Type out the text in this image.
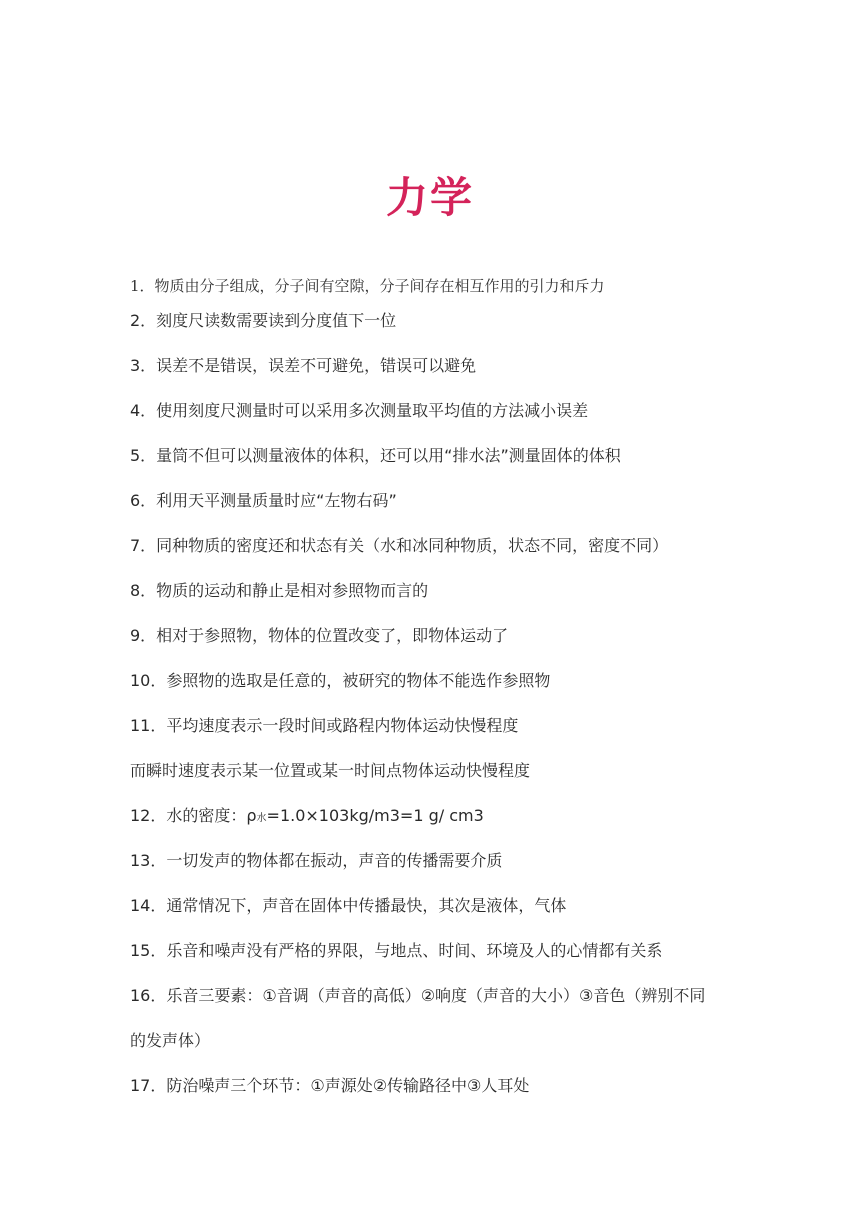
力学
1．物质由分子组成，分子间有空隙，分子间存在相互作用的引力和斥力
2．刻度尺读数需要读到分度值下一位
3．误差不是错误，误差不可避免，错误可以避免
4．使用刻度尺测量时可以采用多次测量取平均值的方法减小误差
5．量筒不但可以测量液体的体积，还可以用“排水法”测量固体的体积
6．利用天平测量质量时应“左物右码”
7．同种物质的密度还和状态有关（水和冰同种物质，状态不同，密度不同）
8．物质的运动和静止是相对参照物而言的
9．相对于参照物，物体的位置改变了，即物体运动了
10．参照物的选取是任意的，被研究的物体不能选作参照物
11．平均速度表示一段时间或路程内物体运动快慢程度
而瞬时速度表示某一位置或某一时间点物体运动快慢程度
12．水的密度：ρ水=1.0×103kg/m3=1 g/ cm3
13．一切发声的物体都在振动，声音的传播需要介质
14．通常情况下，声音在固体中传播最快，其次是液体，气体
15．乐音和噪声没有严格的界限，与地点、时间、环境及人的心情都有关系
16．乐音三要素：①音调（声音的高低）②响度（声音的大小）③音色（辨别不同
的发声体）
17．防治噪声三个环节：①声源处②传输路径中③人耳处
